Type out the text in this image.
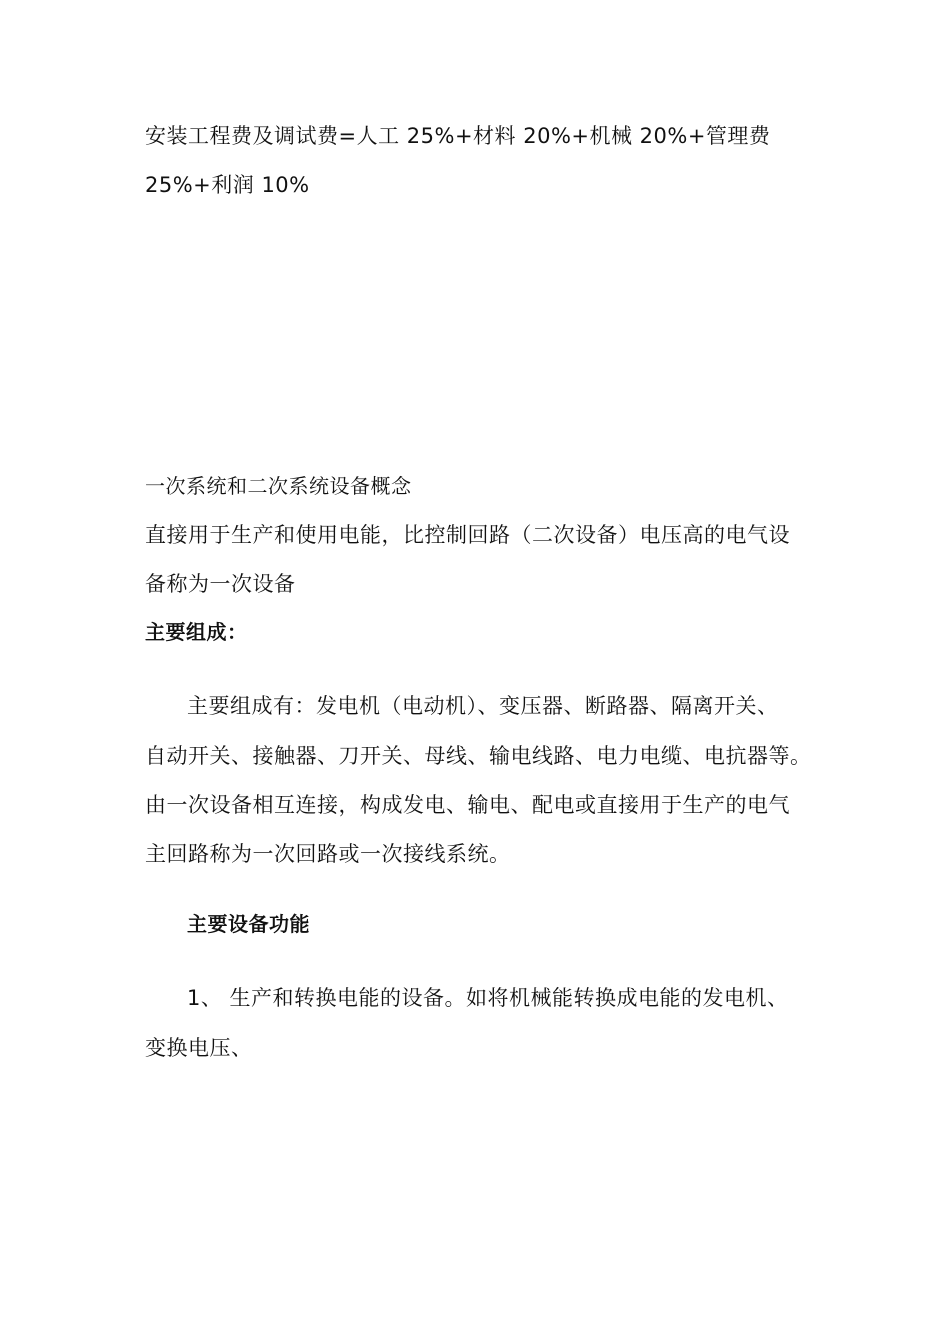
安装工程费及调试费=人工 25%+材料 20%+机械 20%+管理费
25%+利润 10%
一次系统和二次系统设备概念
直接用于生产和使用电能，比控制回路（二次设备）电压高的电气设
备称为一次设备
主要组成：
主要组成有：发电机（电动机）、变压器、断路器、隔离开关、
自动开关、接触器、刀开关、母线、输电线路、电力电缆、电抗器等。
由一次设备相互连接，构成发电、输电、配电或直接用于生产的电气
主回路称为一次回路或一次接线系统。
主要设备功能
1、 生产和转换电能的设备。如将机械能转换成电能的发电机、
变换电压、
